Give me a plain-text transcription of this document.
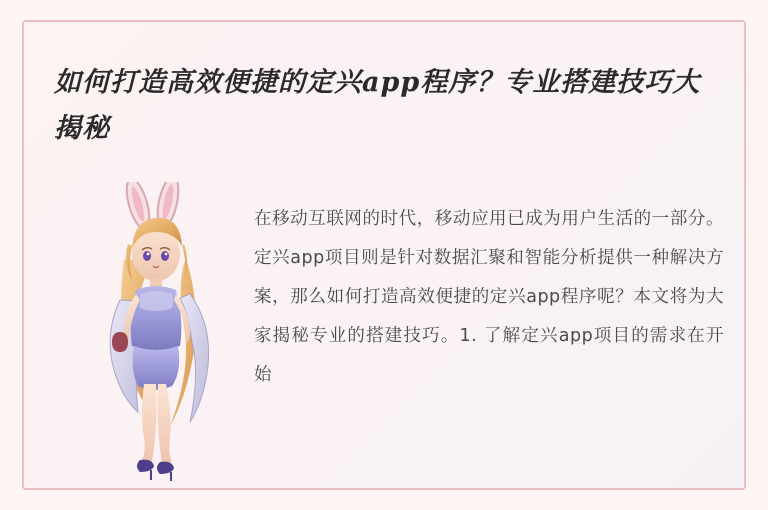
如何打造高效便捷的定兴app程序？专业搭建技巧大揭秘
在移动互联网的时代，移动应用已成为用户生活的一部分。定兴app项目则是针对数据汇聚和智能分析提供一种解决方案，那么如何打造高效便捷的定兴app程序呢？本文将为大家揭秘专业的搭建技巧。1. 了解定兴app项目的需求在开始
